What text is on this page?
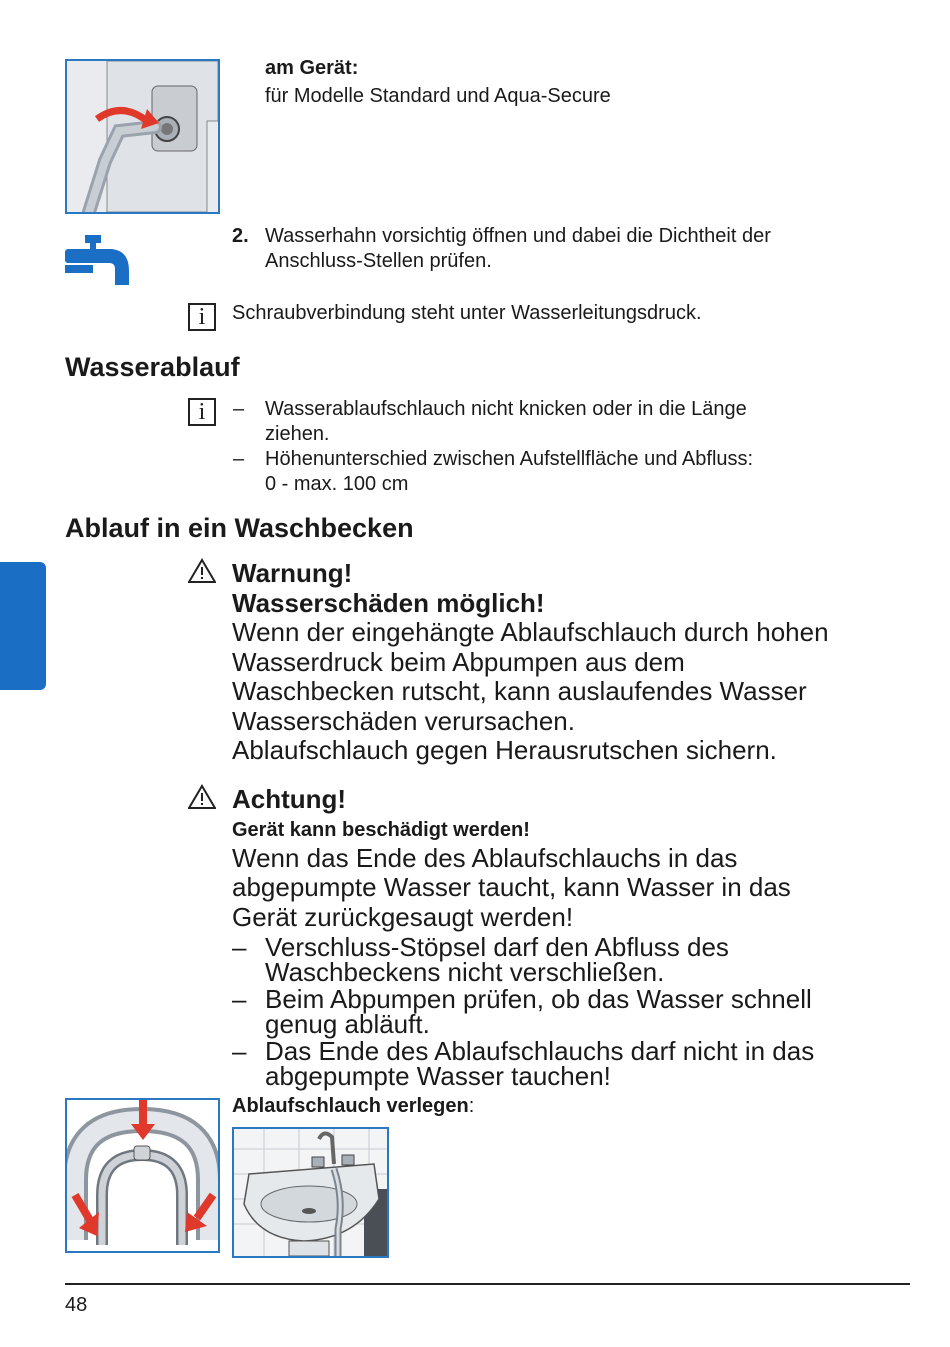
am Gerät:
für Modelle Standard und Aqua-Secure
2. Wasserhahn vorsichtig öffnen und dabei die Dichtheit der
Anschluss-Stellen prüfen.
i	Schraubverbindung steht unter Wasserleitungsdruck.
Wasserablauf
i	– Wasserablaufschlauch nicht knicken oder in die Länge
ziehen.
– Höhenunterschied zwischen Aufstellfläche und Abfluss:
0 - max. 100 cm
Ablauf in ein Waschbecken
Warnung!
Wasserschäden möglich!
Wenn der eingehängte Ablaufschlauch durch hohen
Wasserdruck beim Abpumpen aus dem
Waschbecken rutscht, kann auslaufendes Wasser
Wasserschäden verursachen.
Ablaufschlauch gegen Herausrutschen sichern.
Achtung!
Gerät kann beschädigt werden!
Wenn das Ende des Ablaufschlauchs in das
abgepumpte Wasser taucht, kann Wasser in das
Gerät zurückgesaugt werden!
– Verschluss-Stöpsel darf den Abfluss des
Waschbeckens nicht verschließen.
– Beim Abpumpen prüfen, ob das Wasser schnell
genug abläuft.
– Das Ende des Ablaufschlauchs darf nicht in das
abgepumpte Wasser tauchen!
Ablaufschlauch verlegen:
48
